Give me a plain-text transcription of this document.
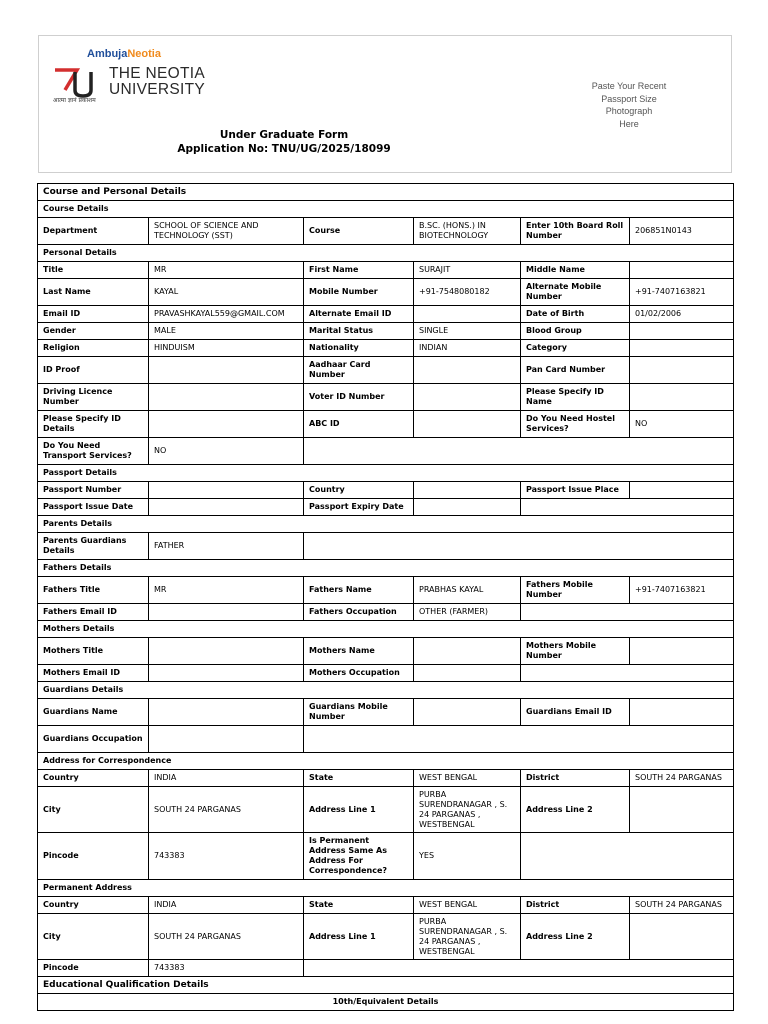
AmbujaNeotia
THE NEOTIA
UNIVERSITY
आत्मा ज्ञानं प्रकाशम
Under Graduate Form
Application No: TNU/UG/2025/18099
Paste Your Recent
Passport Size
Photograph
Here
Course and Personal Details					
Course Details					
Department	SCHOOL OF SCIENCE AND TECHNOLOGY (SST)	Course	B.SC. (HONS.) IN BIOTECHNOLOGY	Enter 10th Board Roll Number	206851N0143
Personal Details					
Title	MR	First Name	SURAJIT	Middle Name	
Last Name	KAYAL	Mobile Number	+91-7548080182	Alternate Mobile Number	+91-7407163821
Email ID	PRAVASHKAYAL559@GMAIL.COM	Alternate Email ID		Date of Birth	01/02/2006
Gender	MALE	Marital Status	SINGLE	Blood Group	
Religion	HINDUISM	Nationality	INDIAN	Category	
ID Proof		Aadhaar Card Number		Pan Card Number	
Driving Licence Number		Voter ID Number		Please Specify ID Name	
Please Specify ID Details		ABC ID		Do You Need Hostel Services?	NO
Do You Need Transport Services?	NO				
Passport Details					
Passport Number		Country		Passport Issue Place	
Passport Issue Date		Passport Expiry Date			
Parents Details					
Parents Guardians Details	FATHER				
Fathers Details					
Fathers Title	MR	Fathers Name	PRABHAS KAYAL	Fathers Mobile Number	+91-7407163821
Fathers Email ID		Fathers Occupation	OTHER (FARMER)		
Mothers Details					
Mothers Title		Mothers Name		Mothers Mobile Number	
Mothers Email ID		Mothers Occupation			
Guardians Details					
Guardians Name		Guardians Mobile Number		Guardians Email ID	
Guardians Occupation					
Address for Correspondence					
Country	INDIA	State	WEST BENGAL	District	SOUTH 24 PARGANAS
City	SOUTH 24 PARGANAS	Address Line 1	PURBA SURENDRANAGAR , S. 24 PARGANAS , WESTBENGAL	Address Line 2	
Pincode	743383	Is Permanent Address Same As Address For Correspondence?	YES		
Permanent Address					
Country	INDIA	State	WEST BENGAL	District	SOUTH 24 PARGANAS
City	SOUTH 24 PARGANAS	Address Line 1	PURBA SURENDRANAGAR , S. 24 PARGANAS , WESTBENGAL	Address Line 2	
Pincode	743383				
Educational Qualification Details					
10th/Equivalent Details					
